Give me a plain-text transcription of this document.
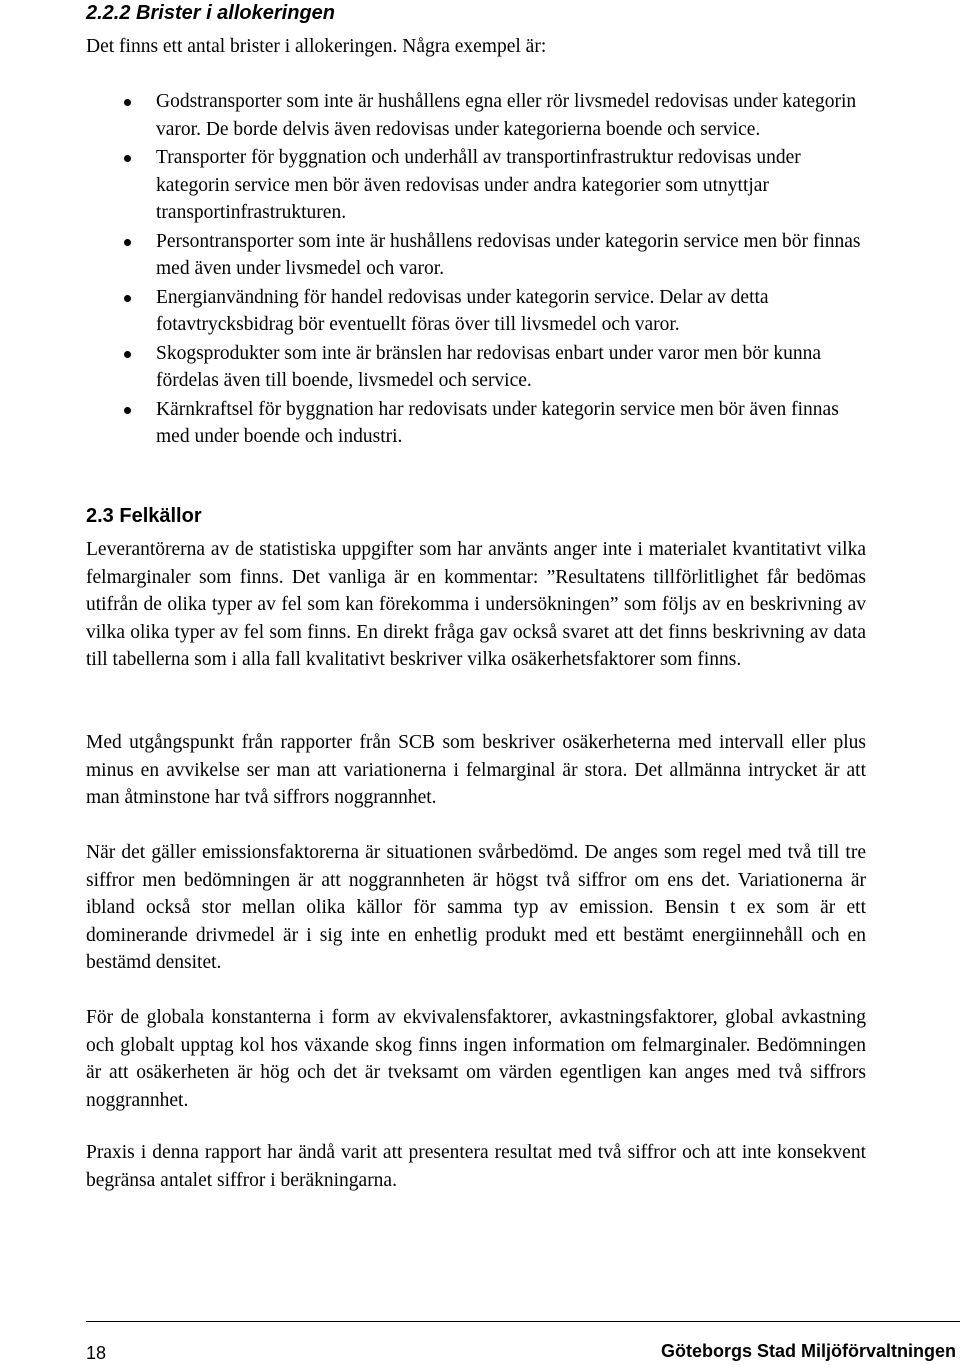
2.2.2 Brister i allokeringen

Det finns ett antal brister i allokeringen. Några exempel är:

Godstransporter som inte är hushållens egna eller rör livsmedel redovisas under kategorin varor. De borde delvis även redovisas under kategorierna boende och service.
Transporter för byggnation och underhåll av transportinfrastruktur redovisas under kategorin service men bör även redovisas under andra kategorier som utnyttjar transportinfrastrukturen.
Persontransporter som inte är hushållens redovisas under kategorin service men bör finnas med även under livsmedel och varor.
Energianvändning för handel redovisas under kategorin service. Delar av detta fotavtrycksbidrag bör eventuellt föras över till livsmedel och varor.
Skogsprodukter som inte är bränslen har redovisas enbart under varor men bör kunna fördelas även till boende, livsmedel och service.
Kärnkraftsel för byggnation har redovisats under kategorin service men bör även finnas med under boende och industri.
2.3 Felkällor

Leverantörerna av de statistiska uppgifter som har använts anger inte i materialet kvantitativt vilka felmarginaler som finns. Det vanliga är en kommentar: ”Resultatens tillförlitlighet får bedömas utifrån de olika typer av fel som kan förekomma i undersökningen” som följs av en beskrivning av vilka olika typer av fel som finns. En direkt fråga gav också svaret att det finns beskrivning av data till tabellerna som i alla fall kvalitativt beskriver vilka osäkerhetsfaktorer som finns.

Med utgångspunkt från rapporter från SCB som beskriver osäkerheterna med intervall eller plus minus en avvikelse ser man att variationerna i felmarginal är stora. Det allmänna intrycket är att man åtminstone har två siffrors noggrannhet.

När det gäller emissionsfaktorerna är situationen svårbedömd. De anges som regel med två till tre siffror men bedömningen är att noggrannheten är högst två siffror om ens det. Variationerna är ibland också stor mellan olika källor för samma typ av emission. Bensin t ex som är ett dominerande drivmedel är i sig inte en enhetlig produkt med ett bestämt energiinnehåll och en bestämd densitet.

För de globala konstanterna i form av ekvivalensfaktorer, avkastningsfaktorer, global avkastning och globalt upptag kol hos växande skog finns ingen information om felmarginaler. Bedömningen är att osäkerheten är hög och det är tveksamt om värden egentligen kan anges med två siffrors noggrannhet.

Praxis i denna rapport har ändå varit att presentera resultat med två siffror och att inte konsekvent begränsa antalet siffror i beräkningarna.

18	Göteborgs Stad Miljöförvaltningen
